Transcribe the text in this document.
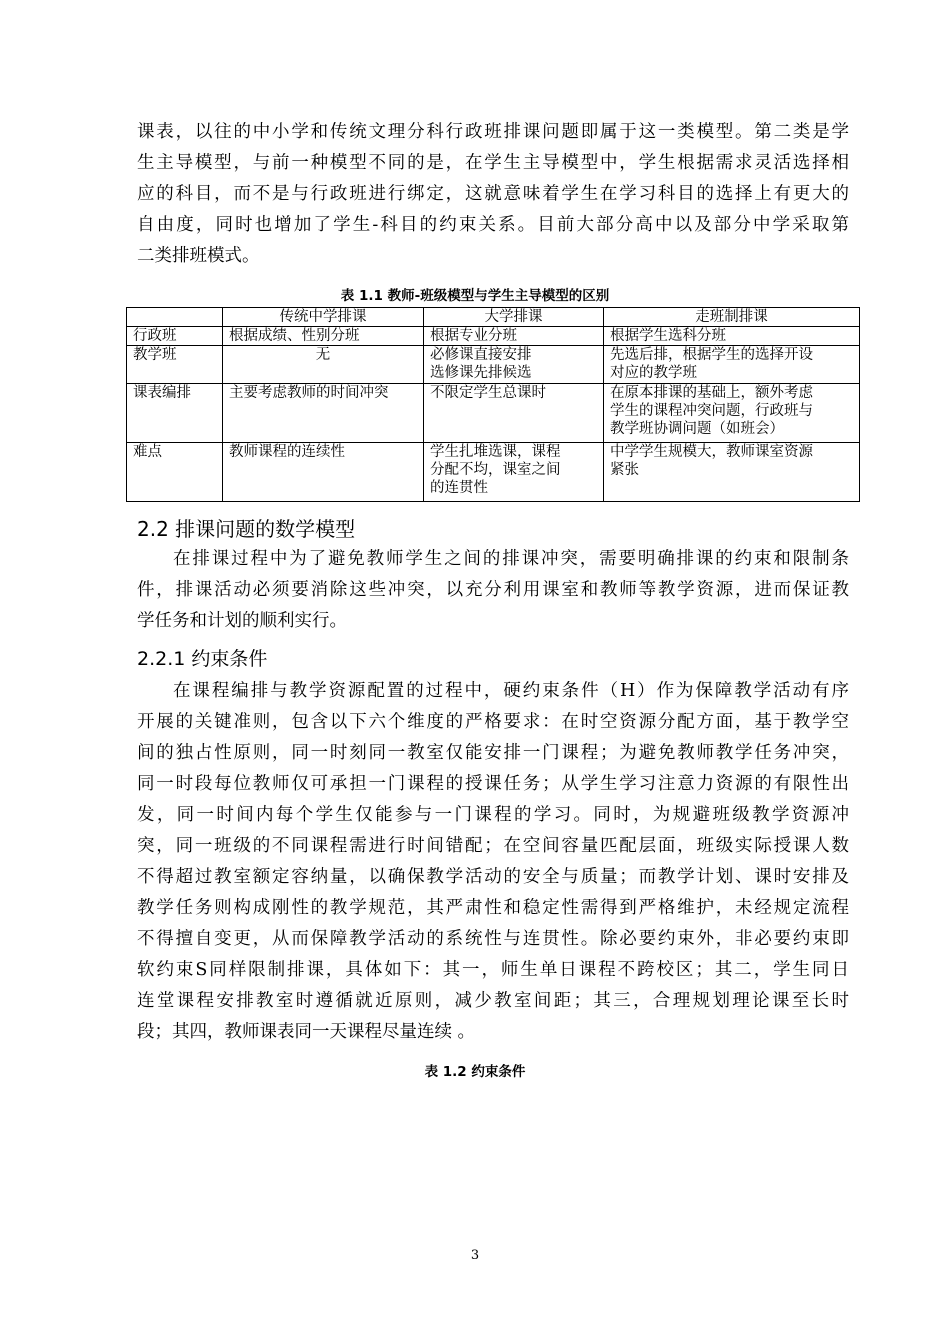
课表，以往的中小学和传统文理分科行政班排课问题即属于这一类模型。第二类是学
生主导模型，与前一种模型不同的是，在学生主导模型中，学生根据需求灵活选择相
应的科目，而不是与行政班进行绑定，这就意味着学生在学习科目的选择上有更大的
自由度，同时也增加了学生-科目的约束关系。目前大部分高中以及部分中学采取第
二类排班模式。
表 1.1 教师-班级模型与学生主导模型的区别
	传统中学排课	大学排课	走班制排课
行政班	根据成绩、性别分班	根据专业分班	根据学生选科分班
教学班	无	必修课直接安排
选修课先排候选	先选后排，根据学生的选择开设
对应的教学班
课表编排	主要考虑教师的时间冲突	不限定学生总课时	在原本排课的基础上，额外考虑
学生的课程冲突问题，行政班与
教学班协调问题（如班会）
难点	教师课程的连续性	学生扎堆选课，课程
分配不均，课室之间
的连贯性	中学学生规模大，教师课室资源
紧张
2.2 排课问题的数学模型
在排课过程中为了避免教师学生之间的排课冲突，需要明确排课的约束和限制条
件，排课活动必须要消除这些冲突，以充分利用课室和教师等教学资源，进而保证教
学任务和计划的顺利实行。
2.2.1 约束条件
在课程编排与教学资源配置的过程中，硬约束条件（H）作为保障教学活动有序
开展的关键准则，包含以下六个维度的严格要求：在时空资源分配方面，基于教学空
间的独占性原则，同一时刻同一教室仅能安排一门课程；为避免教师教学任务冲突，
同一时段每位教师仅可承担一门课程的授课任务；从学生学习注意力资源的有限性出
发，同一时间内每个学生仅能参与一门课程的学习。同时，为规避班级教学资源冲
突，同一班级的不同课程需进行时间错配；在空间容量匹配层面，班级实际授课人数
不得超过教室额定容纳量，以确保教学活动的安全与质量；而教学计划、课时安排及
教学任务则构成刚性的教学规范，其严肃性和稳定性需得到严格维护，未经规定流程
不得擅自变更，从而保障教学活动的系统性与连贯性。除必要约束外，非必要约束即
软约束S同样限制排课，具体如下：其一，师生单日课程不跨校区；其二，学生同日
连堂课程安排教室时遵循就近原则，减少教室间距；其三，合理规划理论课至长时
段；其四，教师课表同一天课程尽量连续 。
表 1.2 约束条件
3
